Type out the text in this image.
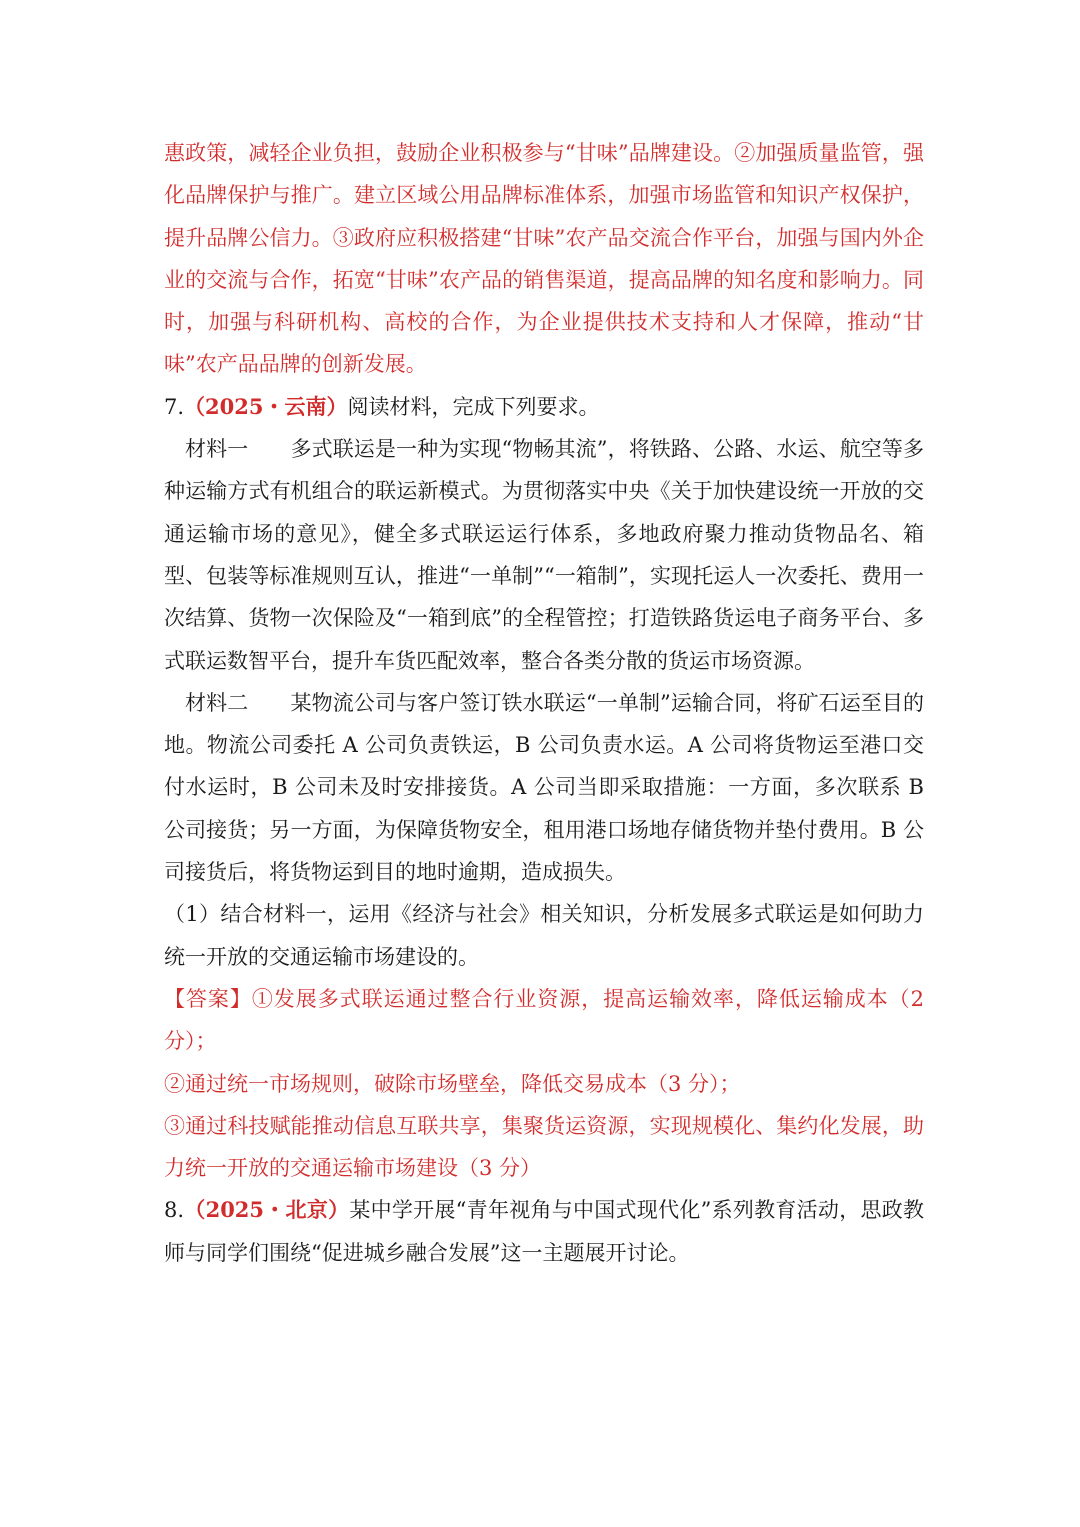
惠政策，减轻企业负担，鼓励企业积极参与“甘味”品牌建设。②加强质量监管，强化品牌保护与推广。建立区域公用品牌标准体系，加强市场监管和知识产权保护，提升品牌公信力。③政府应积极搭建“甘味”农产品交流合作平台，加强与国内外企业的交流与合作，拓宽“甘味”农产品的销售渠道，提高品牌的知名度和影响力。同时，加强与科研机构、高校的合作，为企业提供技术支持和人才保障，推动“甘味”农产品品牌的创新发展。

7.（2025・云南）阅读材料，完成下列要求。

材料一　　多式联运是一种为实现“物畅其流”，将铁路、公路、水运、航空等多种运输方式有机组合的联运新模式。为贯彻落实中央《关于加快建设统一开放的交通运输市场的意见》，健全多式联运运行体系，多地政府聚力推动货物品名、箱型、包装等标准规则互认，推进“一单制”“一箱制”，实现托运人一次委托、费用一次结算、货物一次保险及“一箱到底”的全程管控；打造铁路货运电子商务平台、多式联运数智平台，提升车货匹配效率，整合各类分散的货运市场资源。

材料二　　某物流公司与客户签订铁水联运“一单制”运输合同，将矿石运至目的地。物流公司委托 A 公司负责铁运，B 公司负责水运。A 公司将货物运至港口交付水运时，B 公司未及时安排接货。A 公司当即采取措施：一方面，多次联系 B 公司接货；另一方面，为保障货物安全，租用港口场地存储货物并垫付费用。B 公司接货后，将货物运到目的地时逾期，造成损失。

（1）结合材料一，运用《经济与社会》相关知识，分析发展多式联运是如何助力统一开放的交通运输市场建设的。

【答案】①发展多式联运通过整合行业资源，提高运输效率，降低运输成本（2 分）；

②通过统一市场规则，破除市场壁垒，降低交易成本（3 分）；

③通过科技赋能推动信息互联共享，集聚货运资源，实现规模化、集约化发展，助力统一开放的交通运输市场建设（3 分）

8.（2025・北京）某中学开展“青年视角与中国式现代化”系列教育活动，思政教师与同学们围绕“促进城乡融合发展”这一主题展开讨论。
